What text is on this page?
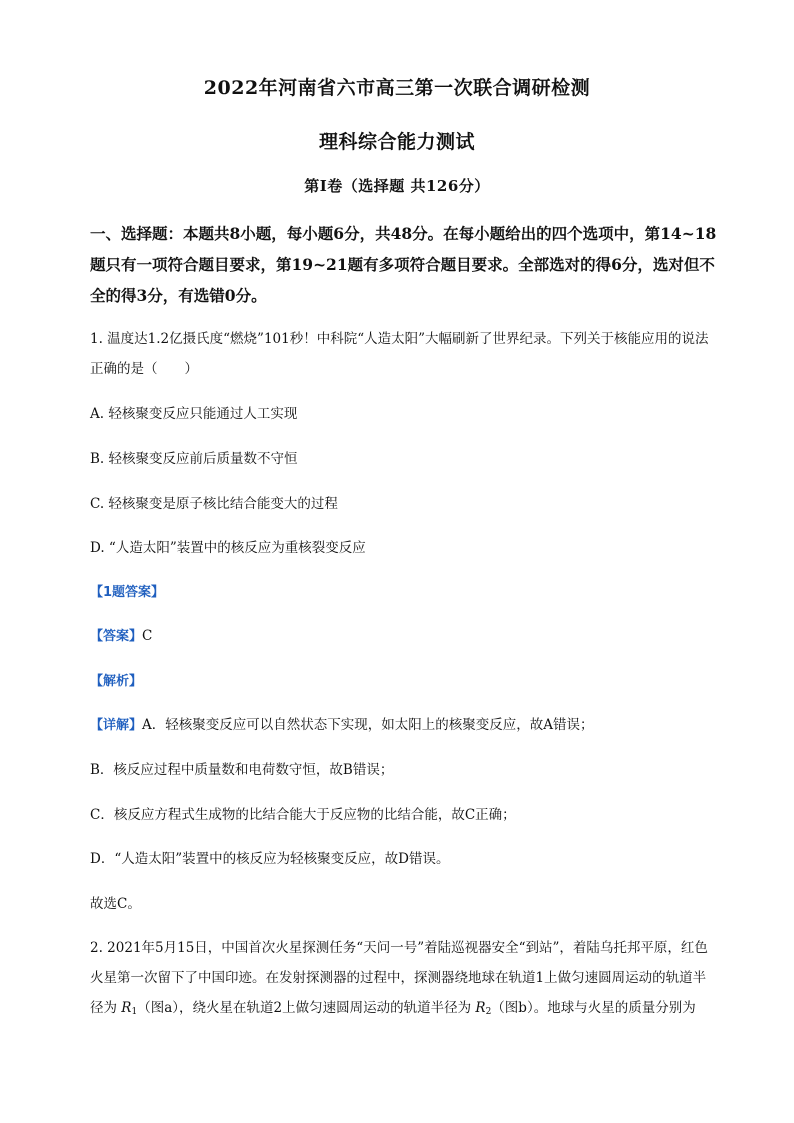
2022年河南省六市高三第一次联合调研检测
理科综合能力测试
第Ⅰ卷（选择题 共126分）
一、选择题：本题共8小题，每小题6分，共48分。在每小题给出的四个选项中，第14~18
题只有一项符合题目要求，第19~21题有多项符合题目要求。全部选对的得6分，选对但不
全的得3分，有选错0分。
1. 温度达1.2亿摄氏度“燃烧”101秒！中科院“人造太阳”大幅刷新了世界纪录。下列关于核能应用的说法
正确的是（　　）
A. 轻核聚变反应只能通过人工实现
B. 轻核聚变反应前后质量数不守恒
C. 轻核聚变是原子核比结合能变大的过程
D. “人造太阳”装置中的核反应为重核裂变反应
【1题答案】
【答案】C
【解析】
【详解】A．轻核聚变反应可以自然状态下实现，如太阳上的核聚变反应，故A错误；
B．核反应过程中质量数和电荷数守恒，故B错误；
C．核反应方程式生成物的比结合能大于反应物的比结合能，故C正确；
D．“人造太阳”装置中的核反应为轻核聚变反应，故D错误。
故选C。
2. 2021年5月15日，中国首次火星探测任务“天问一号”着陆巡视器安全“到站”，着陆乌托邦平原，红色
火星第一次留下了中国印迹。在发射探测器的过程中，探测器绕地球在轨道1上做匀速圆周运动的轨道半
径为 $R_1$（图a），绕火星在轨道2上做匀速圆周运动的轨道半径为 $R_2$（图b）。地球与火星的质量分别为
